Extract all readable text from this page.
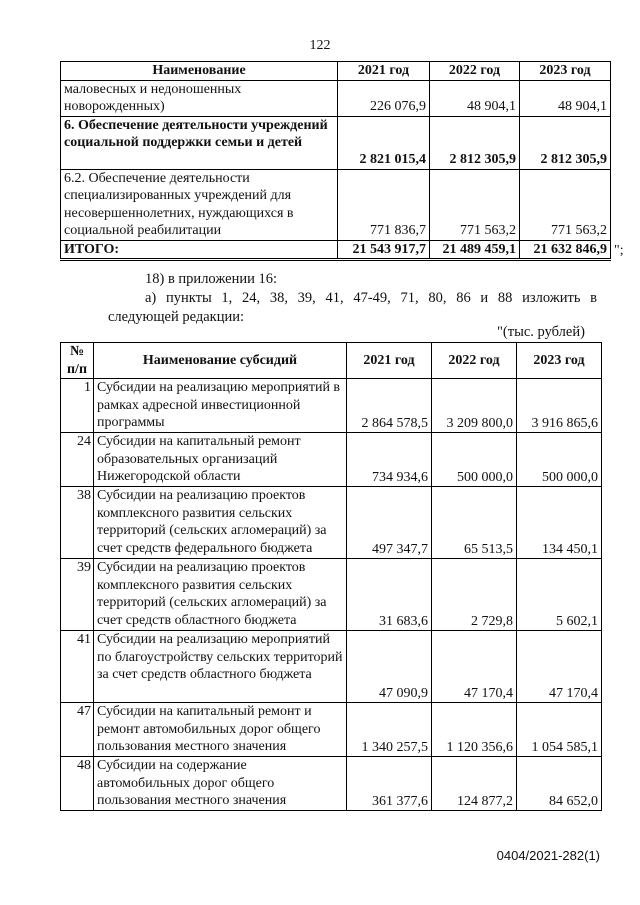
122
Наименование	2021 год	2022 год	2023 год
маловесных и недоношенных новорожденных)	226 076,9	48 904,1	48 904,1
6. Обеспечение деятельности учреждений социальной поддержки семьи и детей	2 821 015,4	2 812 305,9	2 812 305,9
6.2. Обеспечение деятельности специализированных учреждений для несовершеннолетних, нуждающихся в социальной реабилитации	771 836,7	771 563,2	771 563,2
ИТОГО:	21 543 917,7	21 489 459,1	21 632 846,9 ";
18) в приложении 16:
а) пункты 1, 24, 38, 39, 41, 47-49, 71, 80, 86 и 88 изложить в
следующей редакции:
"(тыс. рублей)
№ п/п	Наименование субсидий	2021 год	2022 год	2023 год
1	Субсидии на реализацию мероприятий в рамках адресной инвестиционной программы	2 864 578,5	3 209 800,0	3 916 865,6
24	Субсидии на капитальный ремонт образовательных организаций Нижегородской области	734 934,6	500 000,0	500 000,0
38	Субсидии на реализацию проектов комплексного развития сельских территорий (сельских агломераций) за счет средств федерального бюджета	497 347,7	65 513,5	134 450,1
39	Субсидии на реализацию проектов комплексного развития сельских территорий (сельских агломераций) за счет средств областного бюджета	31 683,6	2 729,8	5 602,1
41	Субсидии на реализацию мероприятий по благоустройству сельских территорий за счет средств областного бюджета	47 090,9	47 170,4	47 170,4
47	Субсидии на капитальный ремонт и ремонт автомобильных дорог общего пользования местного значения	1 340 257,5	1 120 356,6	1 054 585,1
48	Субсидии на содержание автомобильных дорог общего пользования местного значения	361 377,6	124 877,2	84 652,0
0404/2021-282(1)
